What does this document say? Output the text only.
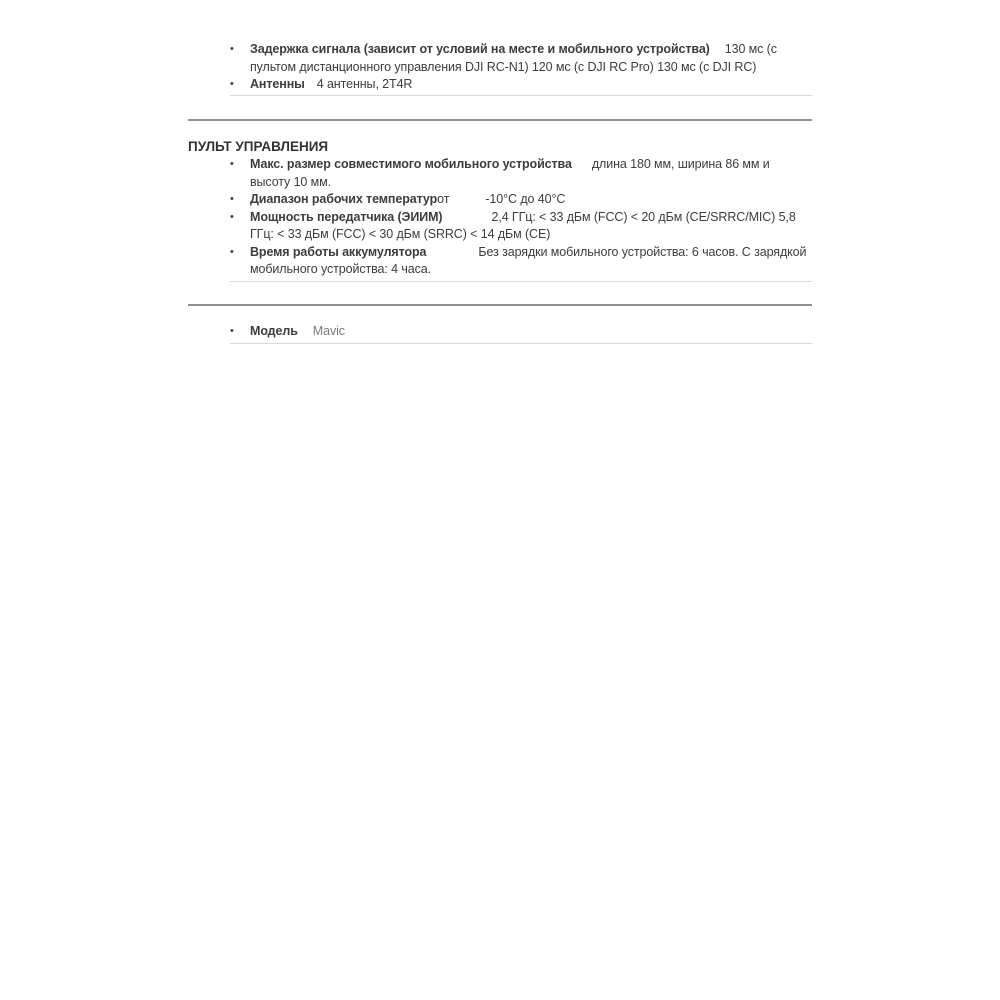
•	Задержка сигнала (зависит от условий на месте и мобильного устройства) 130 мс (с пультом дистанционного управления DJI RC-N1) 120 мс (с DJI RC Pro) 130 мс (с DJI RC)
•	Антенны 4 антенны, 2T4R
ПУЛЬТ УПРАВЛЕНИЯ
•	Макс. размер совместимого мобильного устройства длина 180 мм, ширина 86 мм и высоту 10 мм.
•	Диапазон рабочих температурот	-10°C до 40°C
•	Мощность передатчика (ЭИИМ)	2,4 ГГц: < 33 дБм (FCC) < 20 дБм (CE/SRRC/MIC) 5,8 ГГц: < 33 дБм (FCC) < 30 дБм (SRRC) < 14 дБм (CE)
•	Время работы аккумулятора	Без зарядки мобильного устройства: 6 часов. С зарядкой мобильного устройства: 4 часа.
•	Модель Mavic
